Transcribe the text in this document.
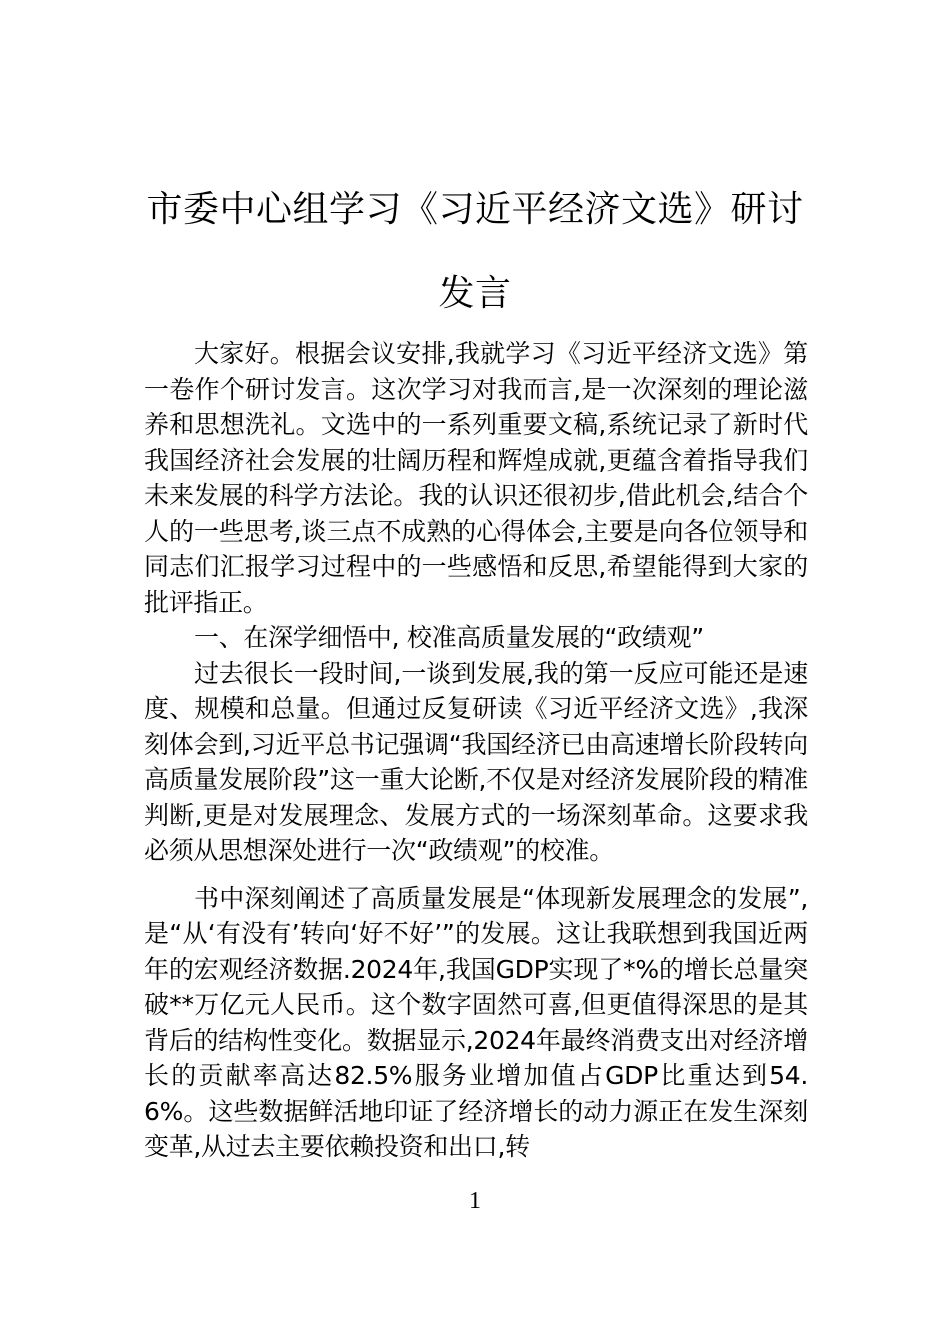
市委中心组学习《习近平经济文选》研讨
发言

大家好。根据会议安排,我就学习《习近平经济文选》第一卷作个研讨发言。这次学习对我而言,是一次深刻的理论滋养和思想洗礼。文选中的一系列重要文稿,系统记录了新时代我国经济社会发展的壮阔历程和辉煌成就,更蕴含着指导我们未来发展的科学方法论。我的认识还很初步,借此机会,结合个人的一些思考,谈三点不成熟的心得体会,主要是向各位领导和同志们汇报学习过程中的一些感悟和反思,希望能得到大家的批评指正。

一、在深学细悟中, 校准高质量发展的“政绩观”

过去很长一段时间,一谈到发展,我的第一反应可能还是速度、规模和总量。但通过反复研读《习近平经济文选》,我深刻体会到,习近平总书记强调“我国经济已由高速增长阶段转向高质量发展阶段”这一重大论断,不仅是对经济发展阶段的精准判断,更是对发展理念、发展方式的一场深刻革命。这要求我必须从思想深处进行一次“政绩观”的校准。

书中深刻阐述了高质量发展是“体现新发展理念的发展”,是“从‘有没有’转向‘好不好’”的发展。这让我联想到我国近两年的宏观经济数据.2024年,我国GDP实现了*%的增长总量突破**万亿元人民币。这个数字固然可喜,但更值得深思的是其背后的结构性变化。数据显示,2024年最终消费支出对经济增长的贡献率高达82.5%服务业增加值占GDP比重达到54.6%。这些数据鲜活地印证了经济增长的动力源正在发生深刻变革,从过去主要依赖投资和出口,转

1
